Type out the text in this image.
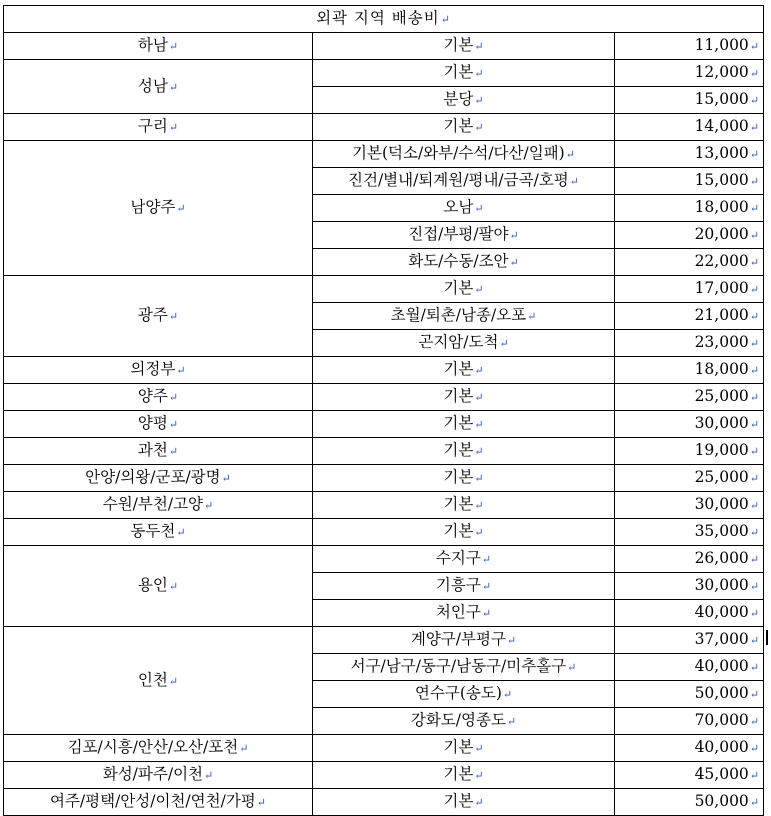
외곽 지역 배송비↵		
하남↵	기본↵	11,000↵
성남↵	기본↵	12,000↵
	분당↵	15,000↵
구리↵	기본↵	14,000↵
남양주↵	기본(덕소/와부/수석/다산/일패)↵	13,000↵
	진건/별내/퇴계원/평내/금곡/호평↵	15,000↵
	오남↵	18,000↵
	진접/부평/팔야↵	20,000↵
	화도/수동/조안↵	22,000↵
광주↵	기본↵	17,000↵
	초월/퇴촌/남종/오포↵	21,000↵
	곤지암/도척↵	23,000↵
의정부↵	기본↵	18,000↵
양주↵	기본↵	25,000↵
양평↵	기본↵	30,000↵
과천↵	기본↵	19,000↵
안양/의왕/군포/광명↵	기본↵	25,000↵
수원/부천/고양↵	기본↵	30,000↵
동두천↵	기본↵	35,000↵
용인↵	수지구↵	26,000↵
	기흥구↵	30,000↵
	처인구↵	40,000↵
인천↵	계양구/부평구↵	37,000↵
	서구/남구/동구/남동구/미추홀구↵	40,000↵
	연수구(송도)↵	50,000↵
	강화도/영종도↵	70,000↵
김포/시흥/안산/오산/포천↵	기본↵	40,000↵
화성/파주/이천↵	기본↵	45,000↵
여주/평택/안성/이천/연천/가평↵	기본↵	50,000↵
